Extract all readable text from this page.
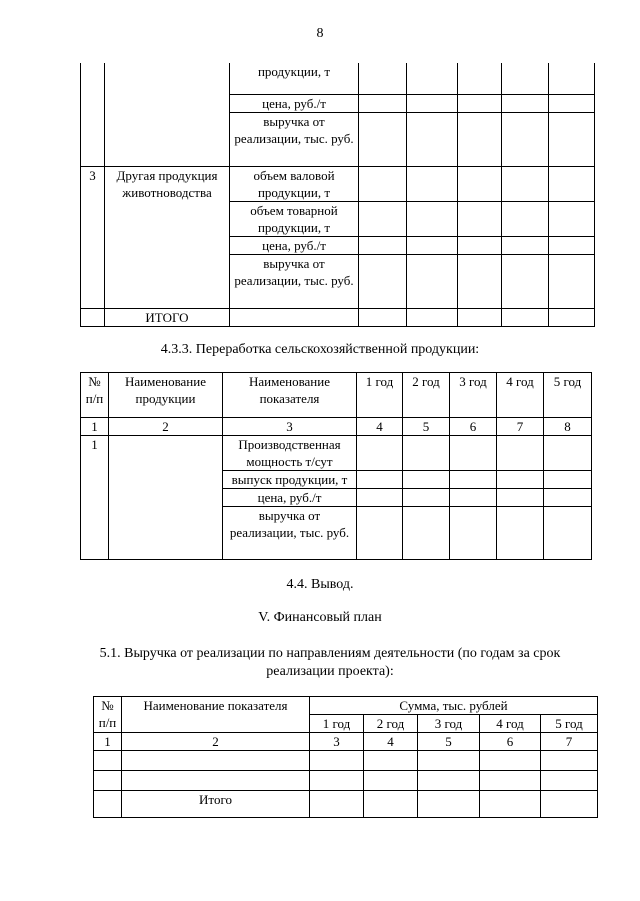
8
		продукции, т					
		цена, руб./т					
		выручка от реализации, тыс. руб.					
3	Другая продукция животноводства	объем валовой продукции, т					
		объем товарной продукции, т					
		цена, руб./т					
		выручка от реализации, тыс. руб.					
	ИТОГО						
4.3.3. Переработка сельскохозяйственной продукции:
№ п/п	Наименование продукции	Наименование показателя	1 год	2 год	3 год	4 год	5 год
1	2	3	4	5	6	7	8
1		Производственная мощность т/сут					
		выпуск продукции, т					
		цена, руб./т					
		выручка от реализации, тыс. руб.					
4.4. Вывод.
V. Финансовый план
5.1. Выручка от реализации по направлениям деятельности (по годам за срок реализации проекта):
№ п/п	Наименование показателя	Сумма, тыс. рублей				
		1 год	2 год	3 год	4 год	5 год
1	2	3	4	5	6	7

	Итого					
